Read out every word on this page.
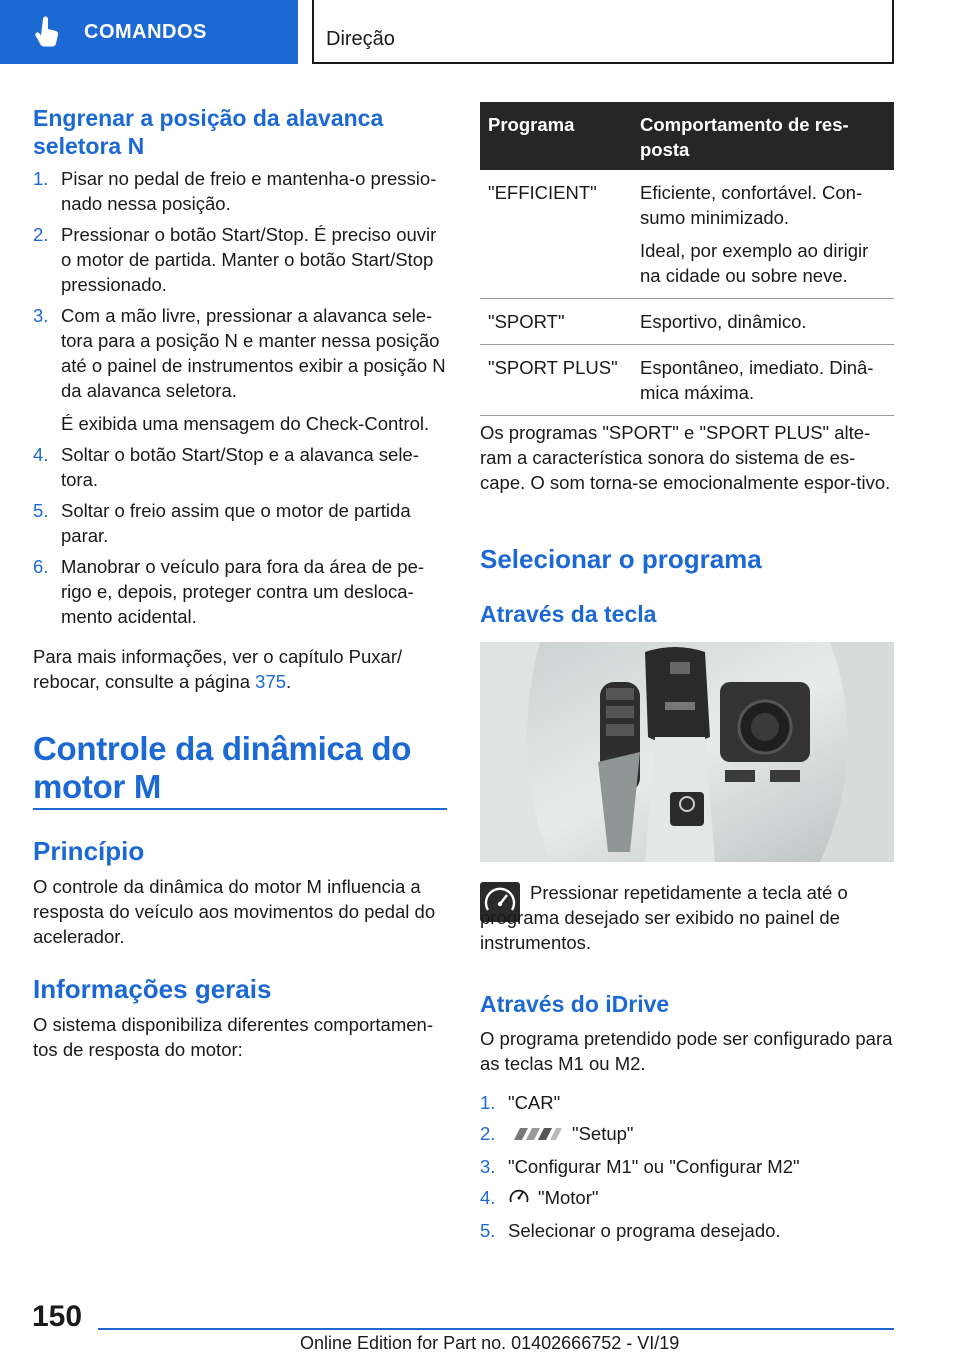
COMANDOS	Direção
Engrenar a posição da alavanca seletora N
1. Pisar no pedal de freio e mantenha-o pressio-nado nessa posição.
2. Pressionar o botão Start/Stop. É preciso ouvir o motor de partida. Manter o botão Start/Stop pressionado.
3. Com a mão livre, pressionar a alavanca sele-tora para a posição N e manter nessa posição até o painel de instrumentos exibir a posição N da alavanca seletora.
É exibida uma mensagem do Check-Control.
4. Soltar o botão Start/Stop e a alavanca sele-tora.
5. Soltar o freio assim que o motor de partida parar.
6. Manobrar o veículo para fora da área de pe-rigo e, depois, proteger contra um desloca-mento acidental.
Para mais informações, ver o capítulo Puxar/ rebocar, consulte a página 375.
Controle da dinâmica do motor M
Princípio
O controle da dinâmica do motor M influencia a resposta do veículo aos movimentos do pedal do acelerador.
Informações gerais
O sistema disponibiliza diferentes comportamen-tos de resposta do motor:
Programa	Comportamento de res-posta
"EFFICIENT"	Eficiente, confortável. Con-sumo minimizado.

Ideal, por exemplo ao dirigir na cidade ou sobre neve.

"SPORT"	Esportivo, dinâmico.
"SPORT PLUS"	Espontâneo, imediato. Dinâ-mica máxima.
Os programas "SPORT" e "SPORT PLUS" alte-ram a característica sonora do sistema de es-cape. O som torna-se emocionalmente espor-tivo.
Selecionar o programa
Através da tecla
Pressionar repetidamente a tecla até o programa desejado ser exibido no painel de instrumentos.
Através do iDrive
O programa pretendido pode ser configurado para as teclas M1 ou M2.
1. "CAR"
2.	"Setup"
3. "Configurar M1" ou "Configurar M2"
4. "Motor"
5. Selecionar o programa desejado.
150
Online Edition for Part no. 01402666752 - VI/19
